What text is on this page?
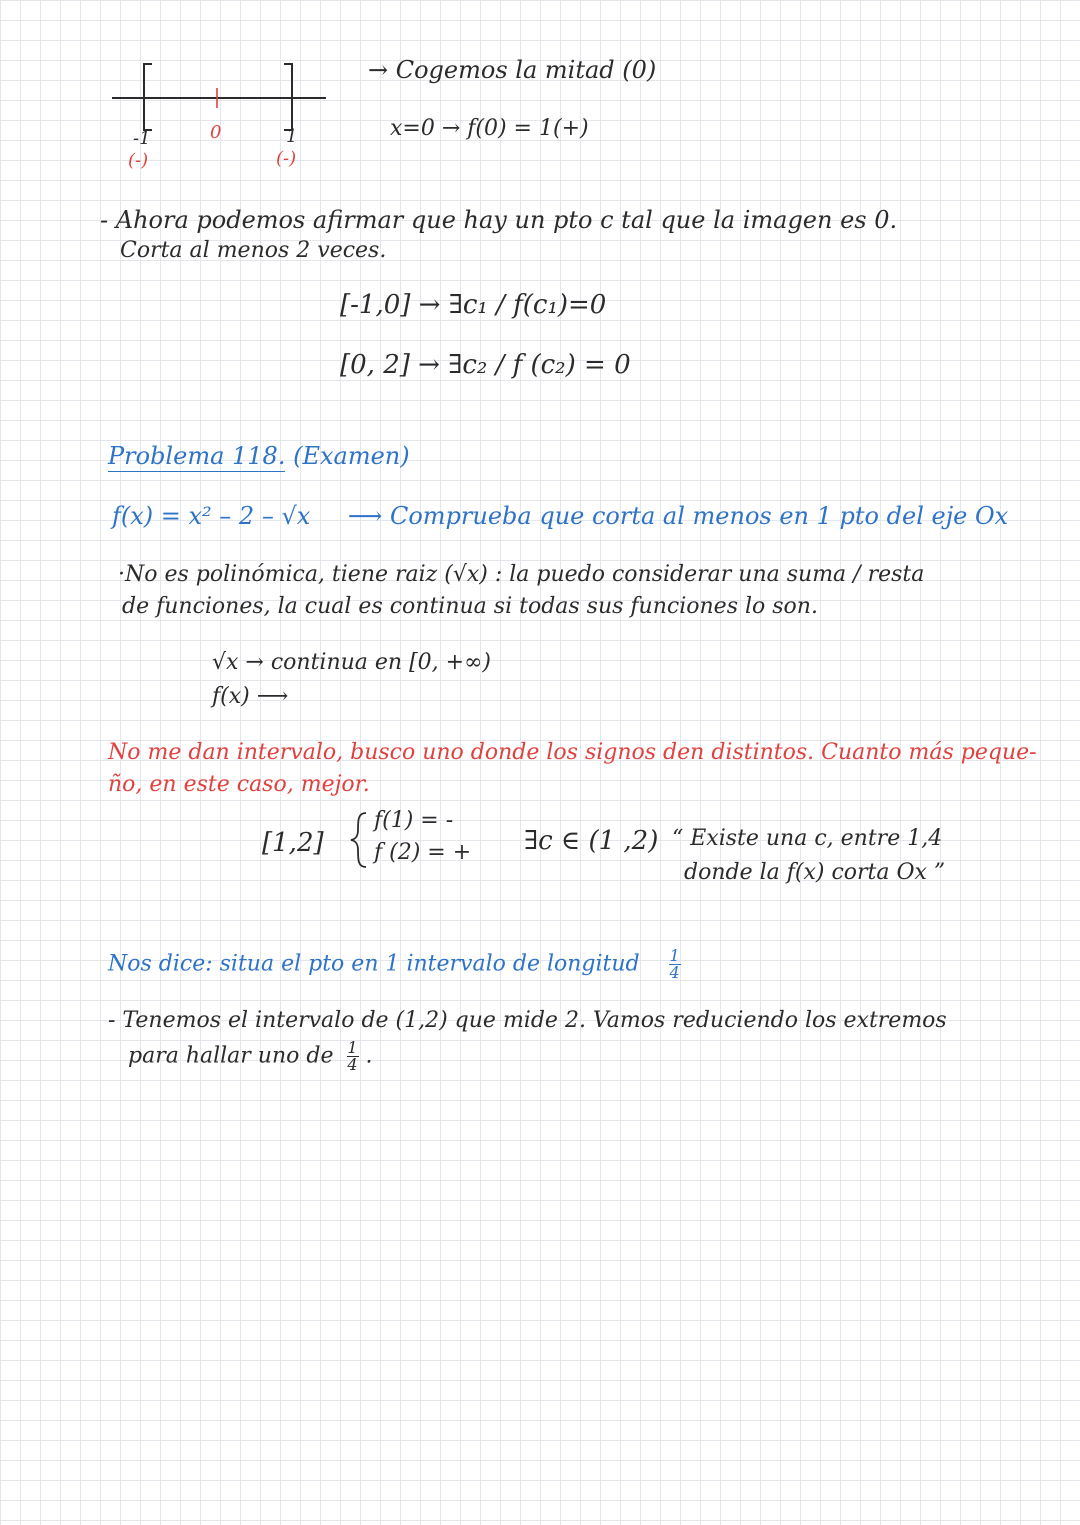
-1	0	1
(-)	(-)
→ Cogemos la mitad (0)
x=0 → f(0) = 1(+)
- Ahora podemos afirmar que hay un pto c tal que la imagen es 0.
Corta al menos 2 veces.
[-1,0] → ∃c₁ / f(c₁)=0
[0, 2] → ∃c₂ / f (c₂) = 0
Problema 118. (Examen)
f(x) = x² – 2 – √x ⟶ Comprueba que corta al menos en 1 pto del eje Ox
·No es polinómica, tiene raiz (√x) : la puedo considerar una suma / resta
de funciones, la cual es continua si todas sus funciones lo son.
√x → continua en [0, +∞)
f(x) ⟶
No me dan intervalo, busco uno donde los signos den distintos. Cuanto más peque-
ño, en este caso, mejor.
[1,2]
f(1) = -
f (2) = + ∃c ∈ (1 ,2) “ Existe una c, entre 1,4
donde la f(x) corta Ox ”
Nos dice: situa el pto en 1 intervalo de longitud $\frac{1}{4}$
- Tenemos el intervalo de (1,2) que mide 2. Vamos reduciendo los extremos
para hallar uno de $\frac{1}{4}$ .
